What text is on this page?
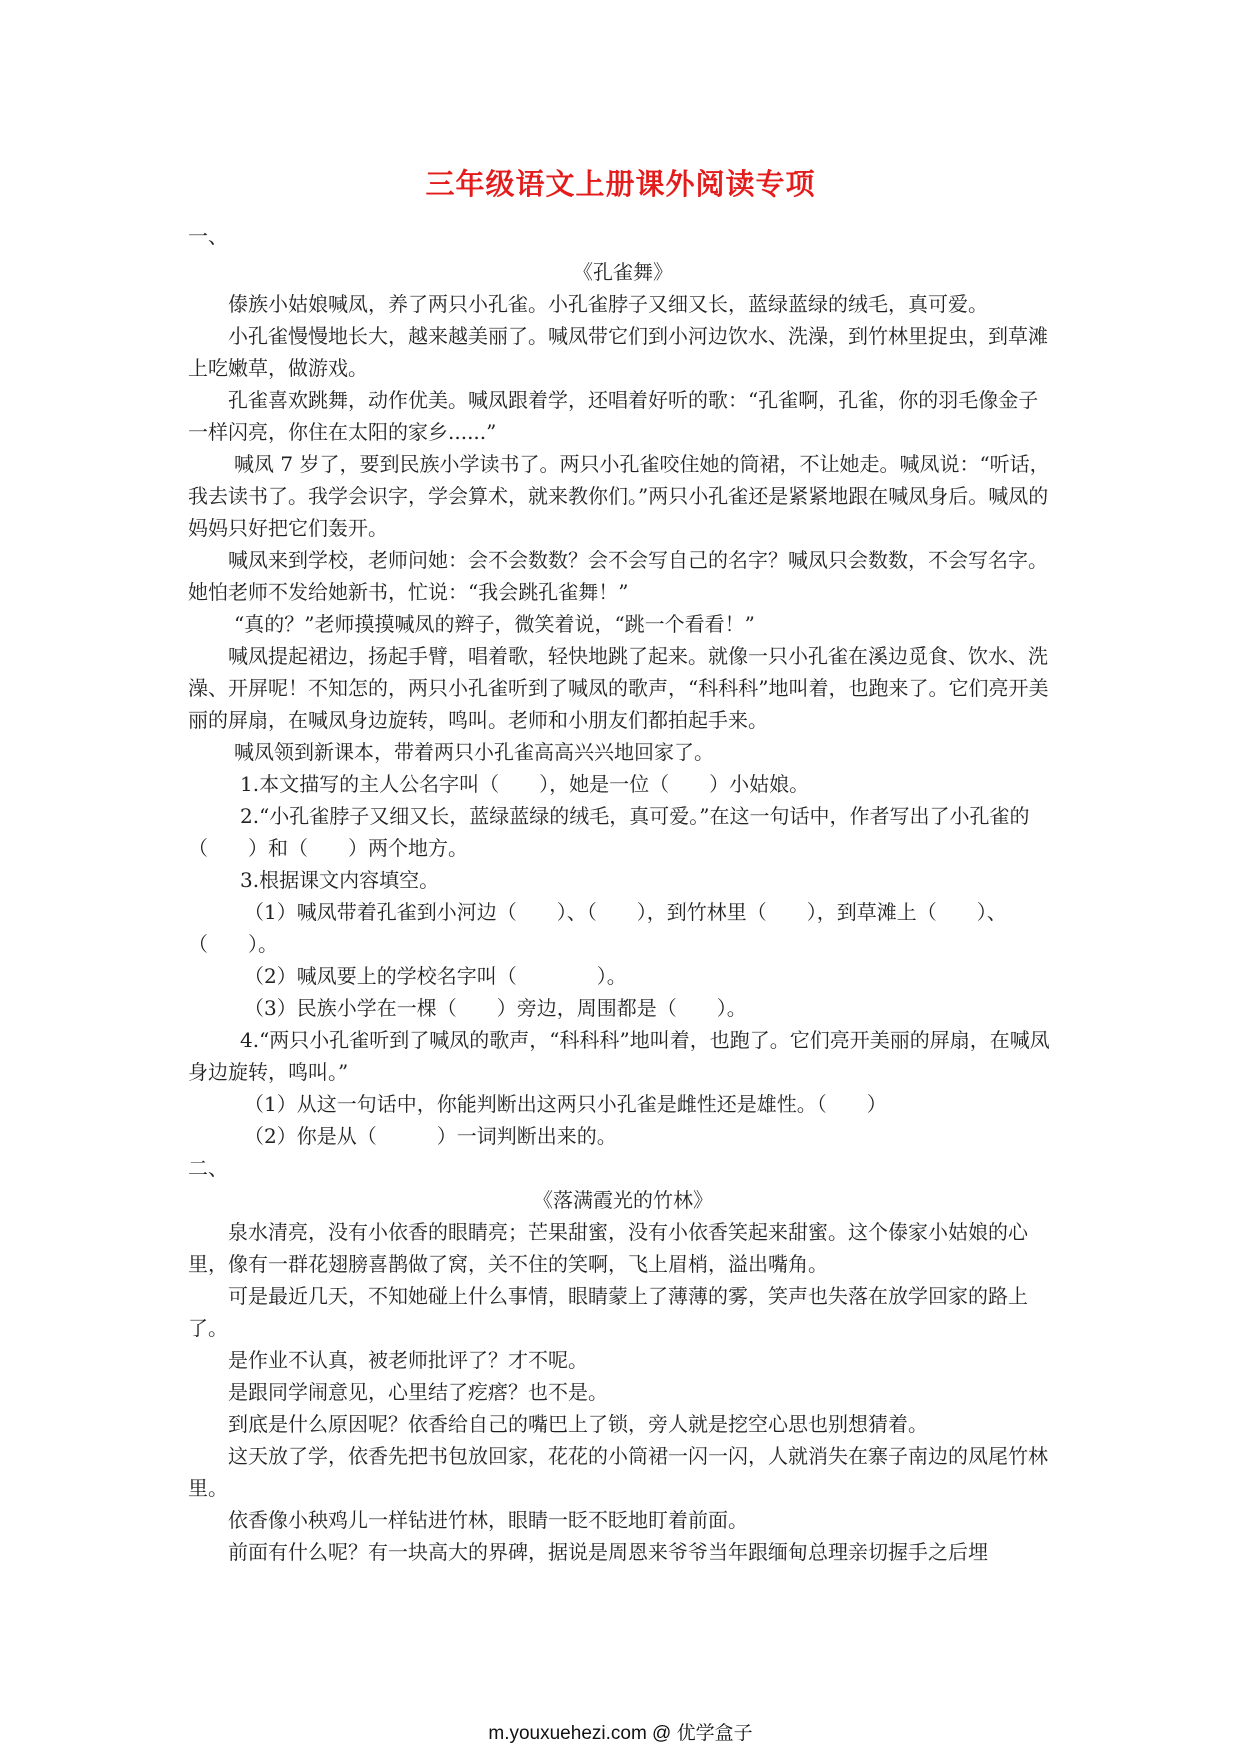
三年级语文上册课外阅读专项

一、

《孔雀舞》

傣族小姑娘喊凤，养了两只小孔雀。小孔雀脖子又细又长，蓝绿蓝绿的绒毛，真可爱。

小孔雀慢慢地长大，越来越美丽了。喊凤带它们到小河边饮水、洗澡，到竹林里捉虫，到草滩上吃嫩草，做游戏。

孔雀喜欢跳舞，动作优美。喊凤跟着学，还唱着好听的歌：“孔雀啊，孔雀，你的羽毛像金子一样闪亮，你住在太阳的家乡......”

喊凤 7 岁了，要到民族小学读书了。两只小孔雀咬住她的筒裙，不让她走。喊凤说：“听话，我去读书了。我学会识字，学会算术，就来教你们。”两只小孔雀还是紧紧地跟在喊凤身后。喊凤的妈妈只好把它们轰开。

喊凤来到学校，老师问她：会不会数数？会不会写自己的名字？喊凤只会数数，不会写名字。她怕老师不发给她新书，忙说：“我会跳孔雀舞！”

“真的？”老师摸摸喊凤的辫子，微笑着说，“跳一个看看！”

喊凤提起裙边，扬起手臂，唱着歌，轻快地跳了起来。就像一只小孔雀在溪边觅食、饮水、洗澡、开屏呢！不知怎的，两只小孔雀听到了喊凤的歌声，“科科科”地叫着，也跑来了。它们亮开美丽的屏扇，在喊凤身边旋转，鸣叫。老师和小朋友们都拍起手来。

喊凤领到新课本，带着两只小孔雀高高兴兴地回家了。

1.本文描写的主人公名字叫（　　），她是一位（　　）小姑娘。

2.“小孔雀脖子又细又长，蓝绿蓝绿的绒毛，真可爱。”在这一句话中，作者写出了小孔雀的（　　）和（　　）两个地方。

3.根据课文内容填空。

（1）喊凤带着孔雀到小河边（　　）、（　　），到竹林里（　　），到草滩上（　　）、（　　）。

（2）喊凤要上的学校名字叫（　　　　）。

（3）民族小学在一棵（　　）旁边，周围都是（　　）。

4.“两只小孔雀听到了喊凤的歌声，“科科科”地叫着，也跑了。它们亮开美丽的屏扇，在喊凤身边旋转，鸣叫。”

（1）从这一句话中，你能判断出这两只小孔雀是雌性还是雄性。（　　）

（2）你是从（　　　）一词判断出来的。

二、

《落满霞光的竹林》

泉水清亮，没有小依香的眼睛亮；芒果甜蜜，没有小依香笑起来甜蜜。这个傣家小姑娘的心里，像有一群花翅膀喜鹊做了窝，关不住的笑啊，飞上眉梢，溢出嘴角。

可是最近几天，不知她碰上什么事情，眼睛蒙上了薄薄的雾，笑声也失落在放学回家的路上了。

是作业不认真，被老师批评了？才不呢。

是跟同学闹意见，心里结了疙瘩？也不是。

到底是什么原因呢？依香给自己的嘴巴上了锁，旁人就是挖空心思也别想猜着。

这天放了学，依香先把书包放回家，花花的小筒裙一闪一闪，人就消失在寨子南边的凤尾竹林里。

依香像小秧鸡儿一样钻进竹林，眼睛一眨不眨地盯着前面。

前面有什么呢？有一块高大的界碑，据说是周恩来爷爷当年跟缅甸总理亲切握手之后埋

m.youxuehezi.com @ 优学盒子
